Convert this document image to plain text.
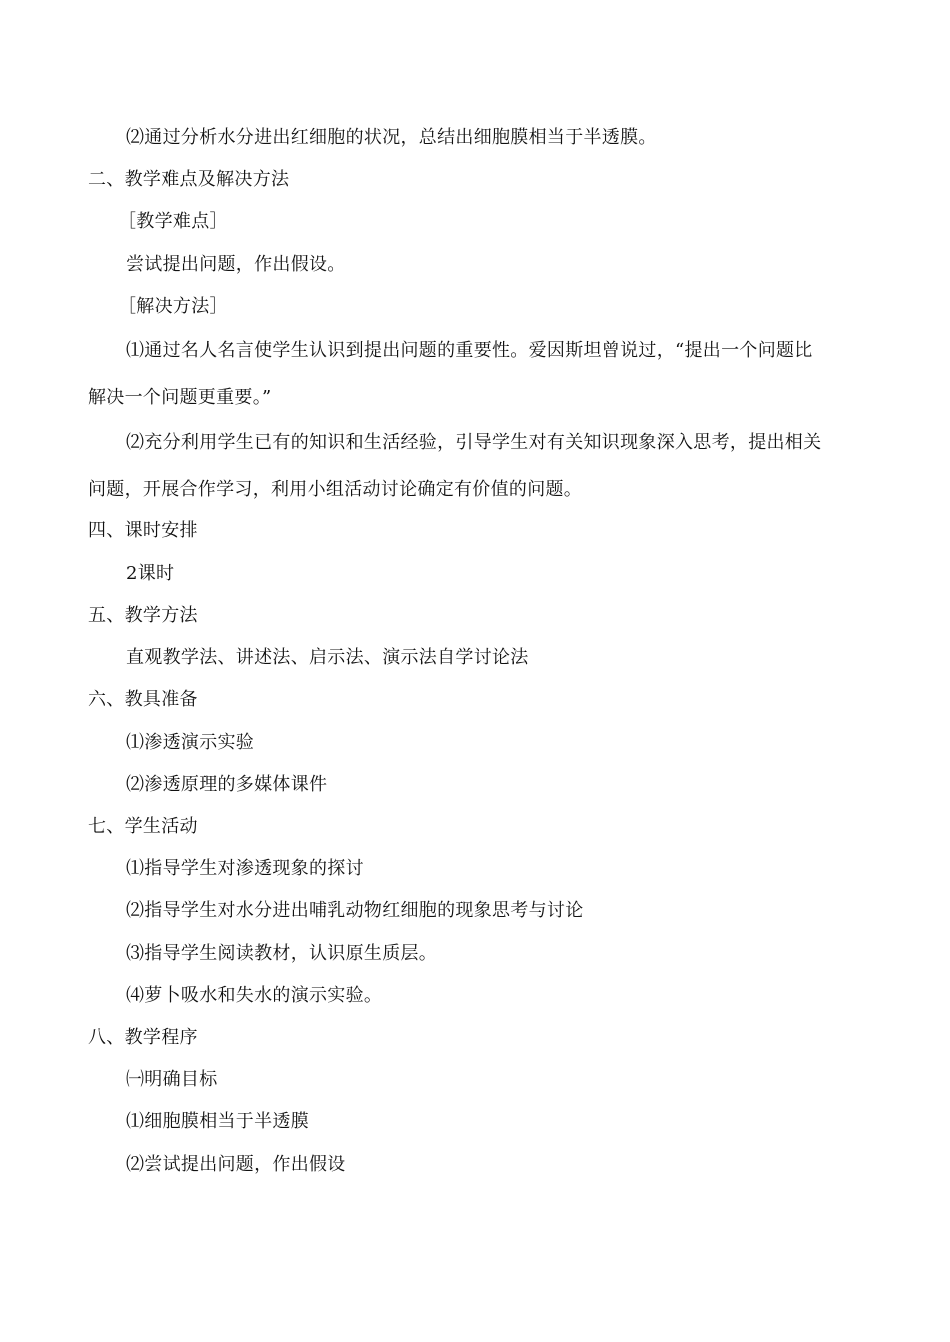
⑵通过分析水分进出红细胞的状况，总结出细胞膜相当于半透膜。
二、教学难点及解决方法
［教学难点］
尝试提出问题，作出假设。
［解决方法］
⑴通过名人名言使学生认识到提出问题的重要性。爱因斯坦曾说过，“提出一个问题比
解决一个问题更重要。”
⑵充分利用学生已有的知识和生活经验，引导学生对有关知识现象深入思考，提出相关
问题，开展合作学习，利用小组活动讨论确定有价值的问题。
四、课时安排
2课时
五、教学方法
直观教学法、讲述法、启示法、演示法自学讨论法
六、教具准备
⑴渗透演示实验
⑵渗透原理的多媒体课件
七、学生活动
⑴指导学生对渗透现象的探讨
⑵指导学生对水分进出哺乳动物红细胞的现象思考与讨论
⑶指导学生阅读教材，认识原生质层。
⑷萝卜吸水和失水的演示实验。
八、教学程序
㈠明确目标
⑴细胞膜相当于半透膜
⑵尝试提出问题，作出假设
